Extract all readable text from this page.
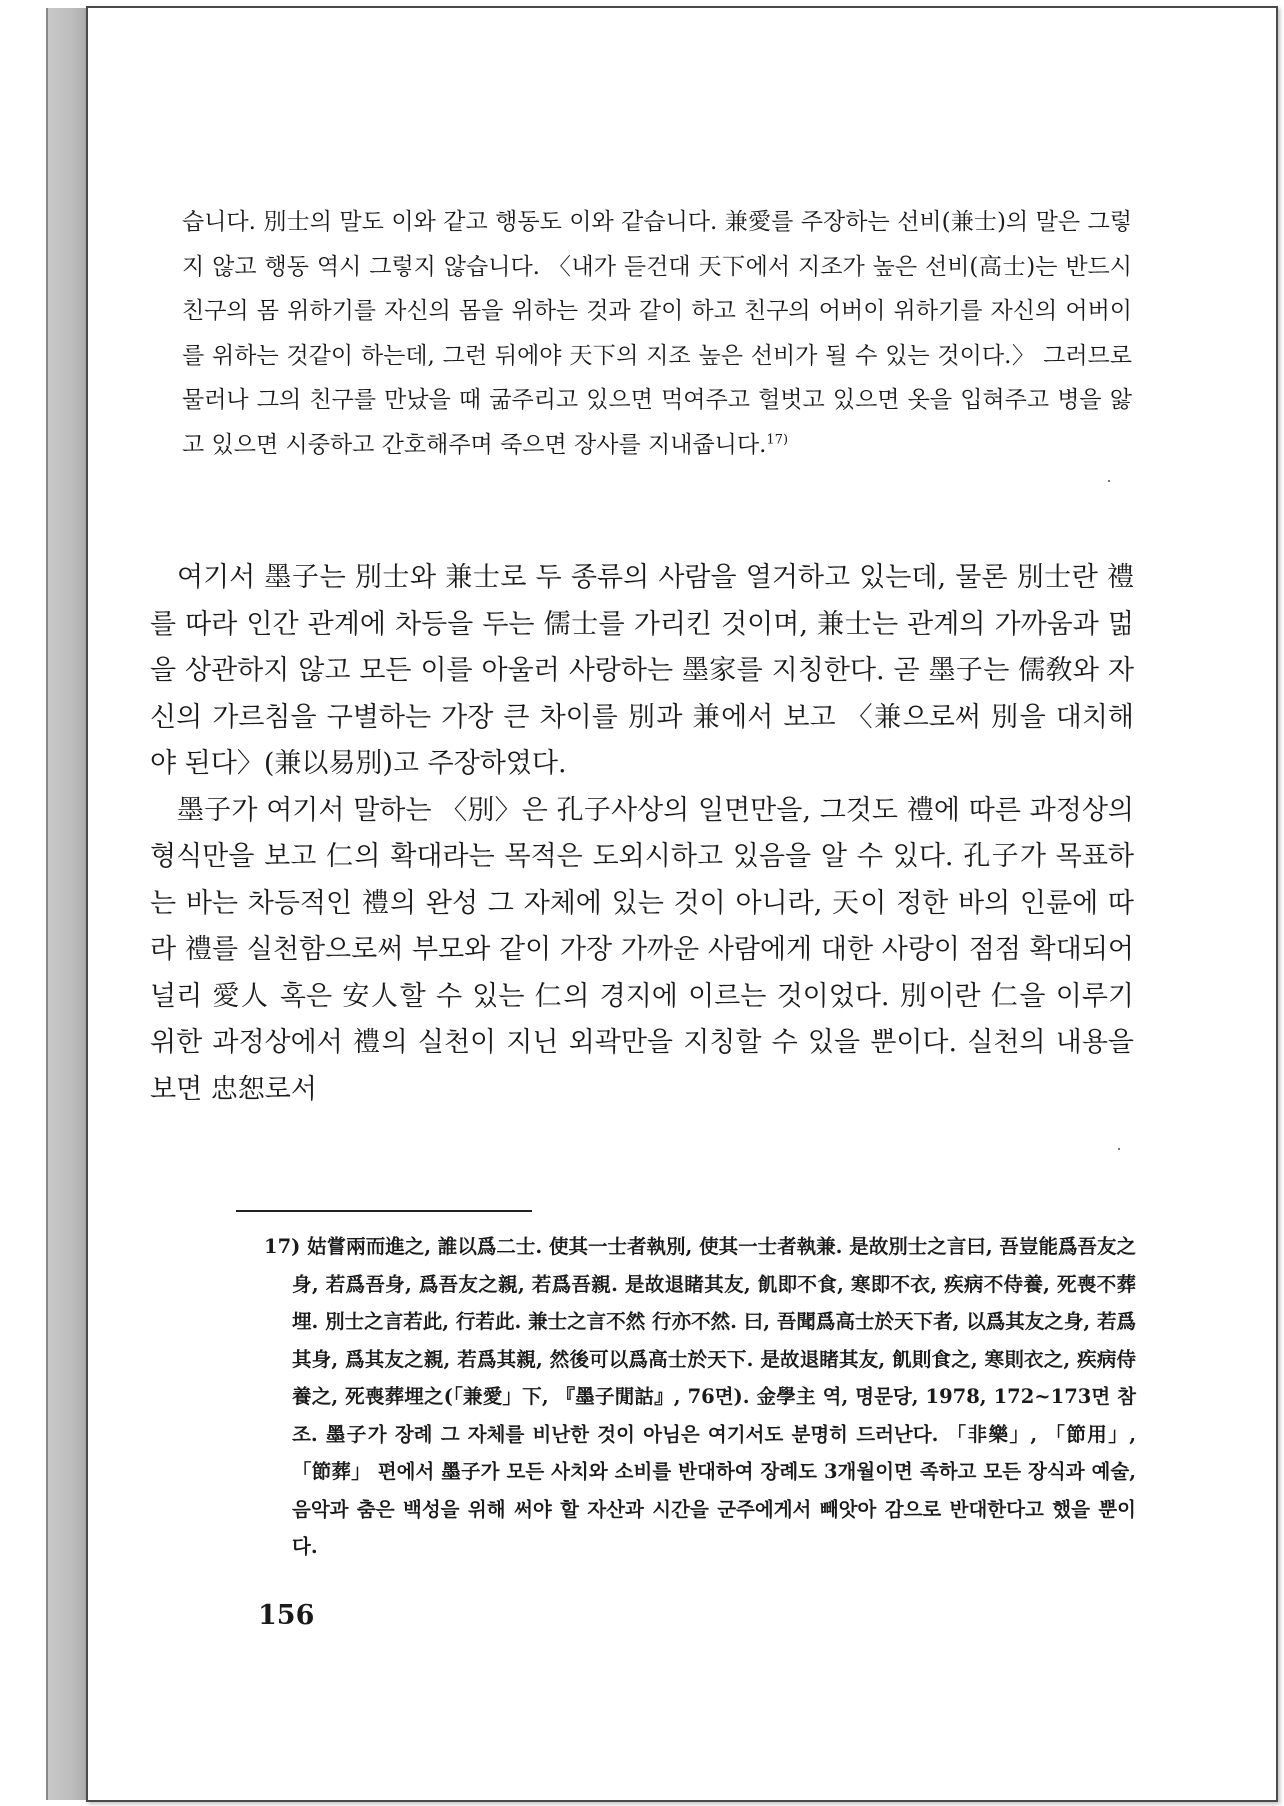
습니다. 別士의 말도 이와 같고 행동도 이와 같습니다. 兼愛를 주장하는 선비(兼士)의 말은 그렇지 않고 행동 역시 그렇지 않습니다. 〈내가 듣건대 天下에서 지조가 높은 선비(高士)는 반드시 친구의 몸 위하기를 자신의 몸을 위하는 것과 같이 하고 친구의 어버이 위하기를 자신의 어버이를 위하는 것같이 하는데, 그런 뒤에야 天下의 지조 높은 선비가 될 수 있는 것이다.〉 그러므로 물러나 그의 친구를 만났을 때 굶주리고 있으면 먹여주고 헐벗고 있으면 옷을 입혀주고 병을 앓고 있으면 시중하고 간호해주며 죽으면 장사를 지내줍니다.$^{17)}$

여기서 墨子는 別士와 兼士로 두 종류의 사람을 열거하고 있는데, 물론 別士란 禮를 따라 인간 관계에 차등을 두는 儒士를 가리킨 것이며, 兼士는 관계의 가까움과 멂을 상관하지 않고 모든 이를 아울러 사랑하는 墨家를 지칭한다. 곧 墨子는 儒敎와 자신의 가르침을 구별하는 가장 큰 차이를 別과 兼에서 보고 〈兼으로써 別을 대치해야 된다〉(兼以易別)고 주장하였다.

墨子가 여기서 말하는 〈別〉은 孔子사상의 일면만을, 그것도 禮에 따른 과정상의 형식만을 보고 仁의 확대라는 목적은 도외시하고 있음을 알 수 있다. 孔子가 목표하는 바는 차등적인 禮의 완성 그 자체에 있는 것이 아니라, 天이 정한 바의 인륜에 따라 禮를 실천함으로써 부모와 같이 가장 가까운 사람에게 대한 사랑이 점점 확대되어 널리 愛人 혹은 安人할 수 있는 仁의 경지에 이르는 것이었다. 別이란 仁을 이루기 위한 과정상에서 禮의 실천이 지닌 외곽만을 지칭할 수 있을 뿐이다. 실천의 내용을 보면 忠恕로서

17) 姑嘗兩而進之, 誰以爲二士. 使其一士者執別, 使其一士者執兼. 是故別士之言曰, 吾豈能爲吾友之身, 若爲吾身, 爲吾友之親, 若爲吾親. 是故退睹其友, 飢即不食, 寒即不衣, 疾病不侍養, 死喪不葬埋. 別士之言若此, 行若此. 兼士之言不然 行亦不然. 曰, 吾聞爲高士於天下者, 以爲其友之身, 若爲其身, 爲其友之親, 若爲其親, 然後可以爲高士於天下. 是故退睹其友, 飢則食之, 寒則衣之, 疾病侍養之, 死喪葬埋之(「兼愛」下, 『墨子閒詁』, 76면). 金學主 역, 명문당, 1978, 172~173면 참조. 墨子가 장례 그 자체를 비난한 것이 아님은 여기서도 분명히 드러난다. 「非樂」, 「節用」, 「節葬」 편에서 墨子가 모든 사치와 소비를 반대하여 장례도 3개월이면 족하고 모든 장식과 예술, 음악과 춤은 백성을 위해 써야 할 자산과 시간을 군주에게서 빼앗아 감으로 반대한다고 했을 뿐이다.

156
